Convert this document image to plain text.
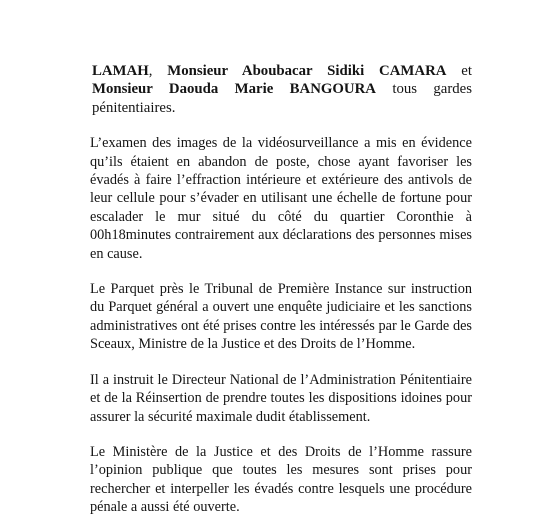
LAMAH, Monsieur Aboubacar Sidiki CAMARA et Monsieur Daouda Marie BANGOURA tous gardes pénitentiaires.

L’examen des images de la vidéosurveillance a mis en évidence qu’ils étaient en abandon de poste, chose ayant favoriser les évadés à faire l’effraction intérieure et extérieure des antivols de leur cellule pour s’évader en utilisant une échelle de fortune pour escalader le mur situé du côté du quartier Coronthie à 00h18minutes contrairement aux déclarations des personnes mises en cause.

Le Parquet près le Tribunal de Première Instance sur instruction du Parquet général a ouvert une enquête judiciaire et les sanctions administratives ont été prises contre les intéressés par le Garde des Sceaux, Ministre de la Justice et des Droits de l’Homme.

Il a instruit le Directeur National de l’Administration Pénitentiaire et de la Réinsertion de prendre toutes les dispositions idoines pour assurer la sécurité maximale dudit établissement.

Le Ministère de la Justice et des Droits de l’Homme rassure l’opinion publique que toutes les mesures sont prises pour rechercher et interpeller les évadés contre lesquels une procédure pénale a aussi été ouverte.
